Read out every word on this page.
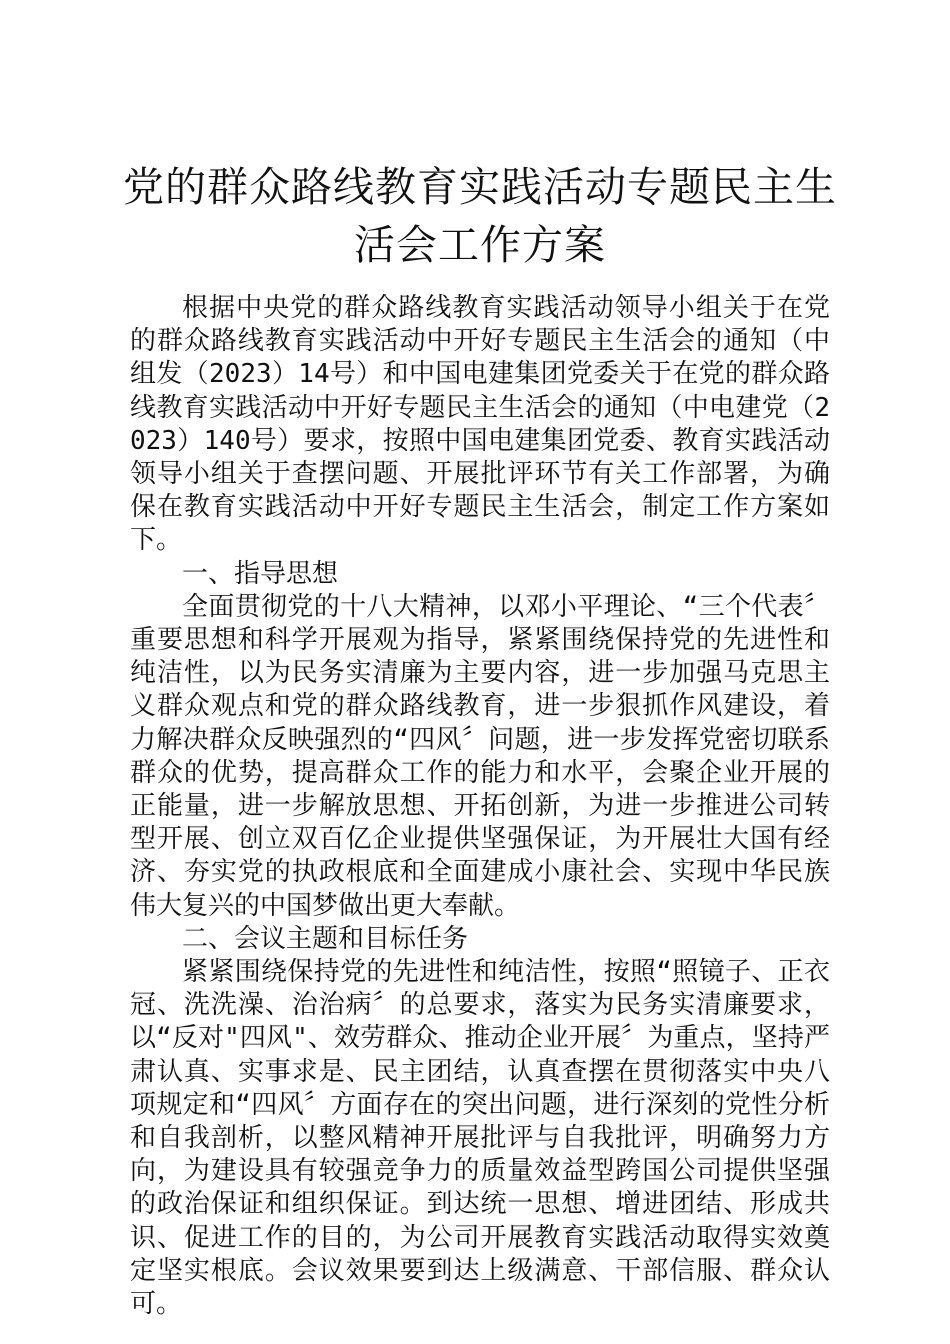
党的群众路线教育实践活动专题民主生活会工作方案

根据中央党的群众路线教育实践活动领导小组关于在党的群众路线教育实践活动中开好专题民主生活会的通知（中组发（2023）14号）和中国电建集团党委关于在党的群众路线教育实践活动中开好专题民主生活会的通知（中电建党（2023）140号）要求，按照中国电建集团党委、教育实践活动领导小组关于查摆问题、开展批评环节有关工作部署，为确保在教育实践活动中开好专题民主生活会，制定工作方案如下。

一、指导思想

全面贯彻党的十八大精神，以邓小平理论、“三个代表〞重要思想和科学开展观为指导，紧紧围绕保持党的先进性和纯洁性，以为民务实清廉为主要内容，进一步加强马克思主义群众观点和党的群众路线教育，进一步狠抓作风建设，着力解决群众反映强烈的“四风〞问题，进一步发挥党密切联系群众的优势，提高群众工作的能力和水平，会聚企业开展的正能量，进一步解放思想、开拓创新，为进一步推进公司转型开展、创立双百亿企业提供坚强保证，为开展壮大国有经济、夯实党的执政根底和全面建成小康社会、实现中华民族伟大复兴的中国梦做出更大奉献。

二、会议主题和目标任务

紧紧围绕保持党的先进性和纯洁性，按照“照镜子、正衣冠、洗洗澡、治治病〞的总要求，落实为民务实清廉要求，以“反对"四风"、效劳群众、推动企业开展〞为重点，坚持严肃认真、实事求是、民主团结，认真查摆在贯彻落实中央八项规定和“四风〞方面存在的突出问题，进行深刻的党性分析和自我剖析，以整风精神开展批评与自我批评，明确努力方向，为建设具有较强竞争力的质量效益型跨国公司提供坚强的政治保证和组织保证。到达统一思想、增进团结、形成共识、促进工作的目的，为公司开展教育实践活动取得实效奠定坚实根底。会议效果要到达上级满意、干部信服、群众认可。
